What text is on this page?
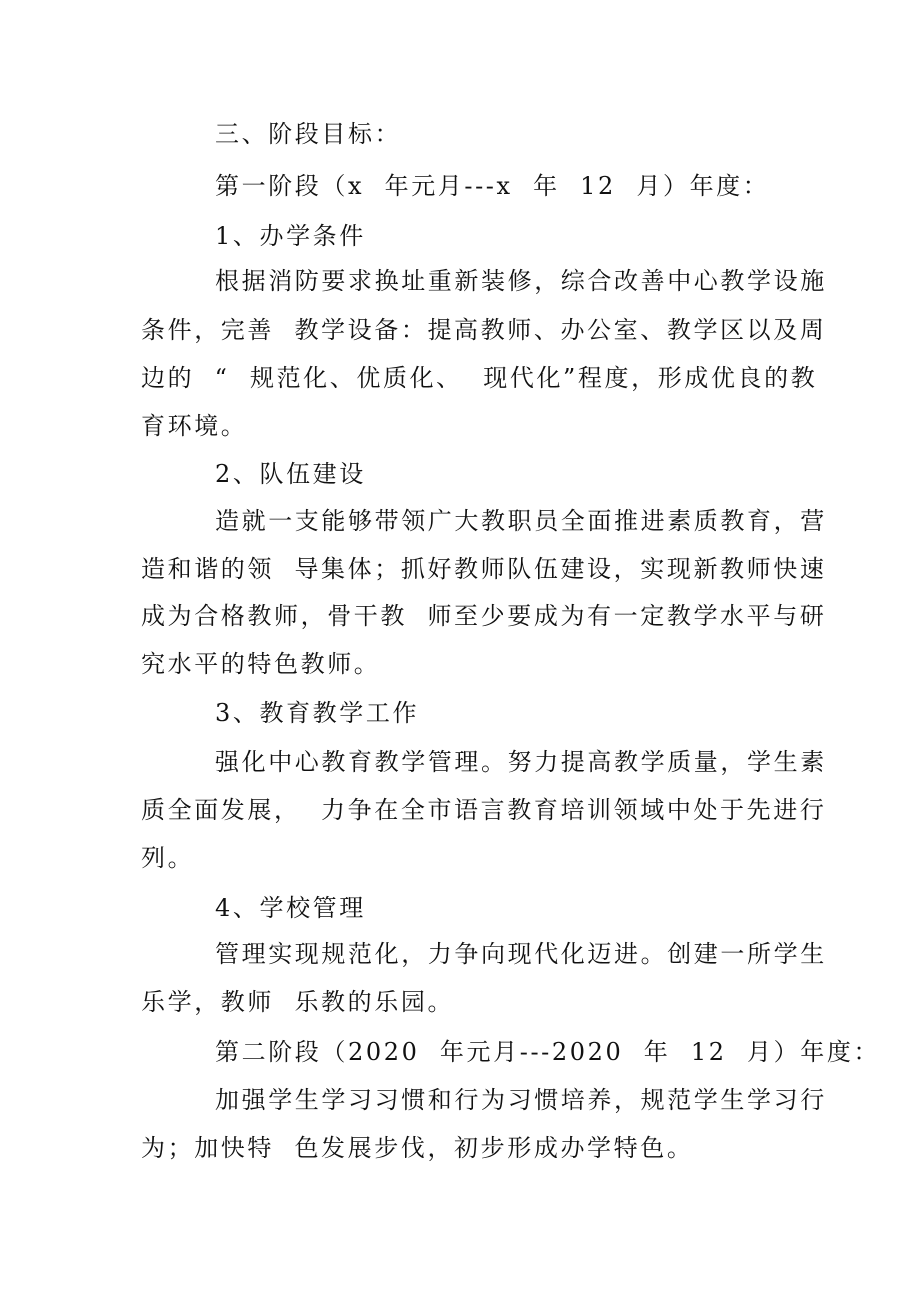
三、阶段目标：
第一阶段（x  年元月---x  年  12  月）年度：
1、办学条件
根据消防要求换址重新装修，综合改善中心教学设施
条件，完善  教学设备：提高教师、办公室、教学区以及周
边的  “  规范化、优质化、  现代化”程度，形成优良的教
育环境。
2、队伍建设
造就一支能够带领广大教职员全面推进素质教育，营
造和谐的领  导集体；抓好教师队伍建设，实现新教师快速
成为合格教师，骨干教  师至少要成为有一定教学水平与研
究水平的特色教师。
3、教育教学工作
强化中心教育教学管理。努力提高教学质量，学生素
质全面发展，  力争在全市语言教育培训领域中处于先进行
列。
4、学校管理
管理实现规范化，力争向现代化迈进。创建一所学生
乐学，教师  乐教的乐园。
第二阶段（2020  年元月---2020  年  12  月）年度：
加强学生学习习惯和行为习惯培养，规范学生学习行
为；加快特  色发展步伐，初步形成办学特色。
